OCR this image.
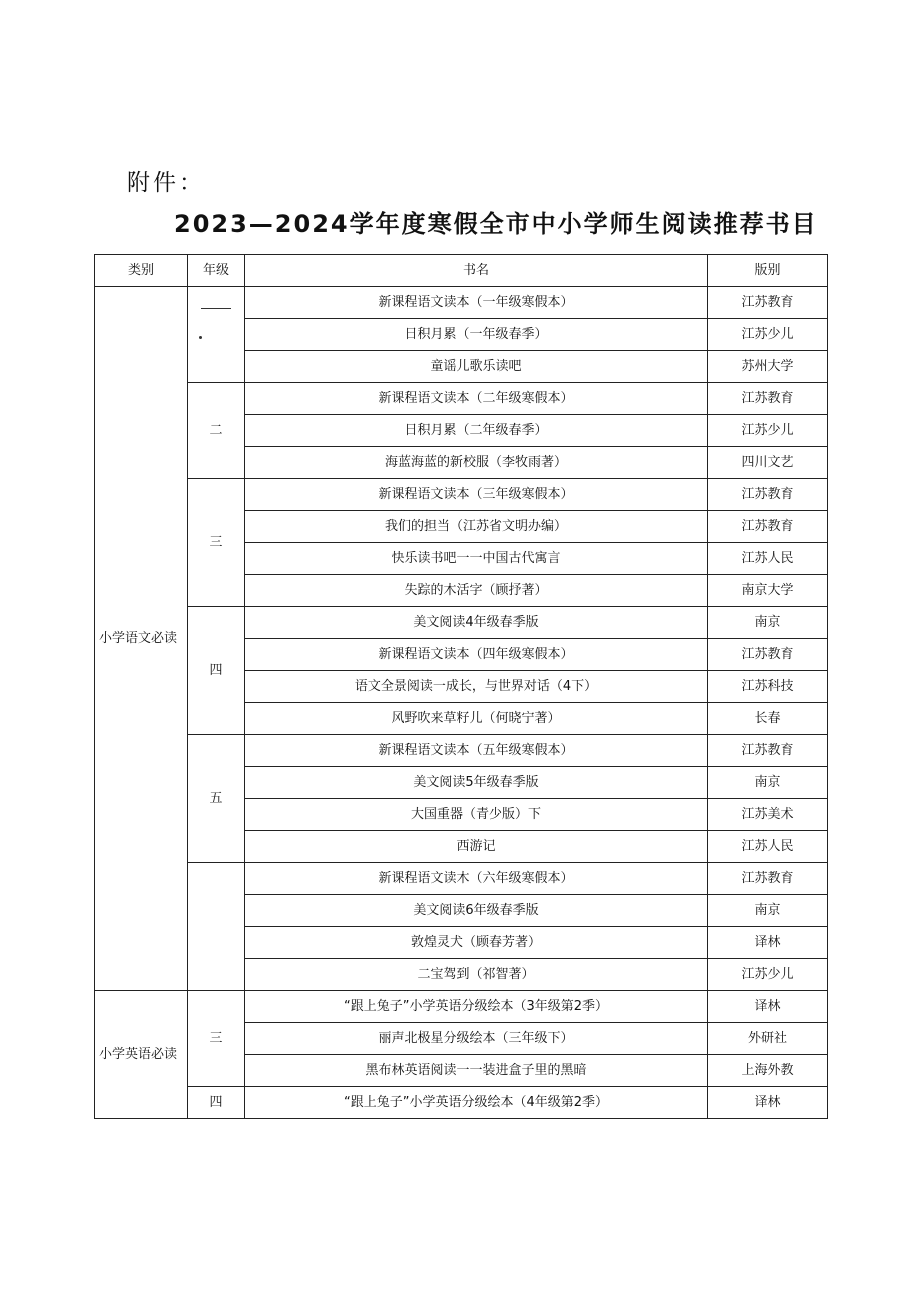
附件：
2023—2024学年度寒假全市中小学师生阅读推荐书目
类别	年级	书名	版别
小学语文必读		新课程语文读本（一年级寒假本）	江苏教育
		日积月累（一年级春季）	江苏少儿
		童谣儿歌乐读吧	苏州大学
	二	新课程语文读本（二年级寒假本）	江苏教育
		日积月累（二年级春季）	江苏少儿
		海蓝海蓝的新校服（李牧雨著）	四川文艺
	三	新课程语文读本（三年级寒假本）	江苏教育
		我们的担当（江苏省文明办编）	江苏教育
		快乐读书吧一一中国古代寓言	江苏人民
		失踪的木活字（顾抒著）	南京大学
	四	美文阅读4年级春季版	南京
		新课程语文读本（四年级寒假本）	江苏教育
		语文全景阅读一成长，与世界对话（4下）	江苏科技
		风野吹来草籽儿（何晓宁著）	长春
	五	新课程语文读本（五年级寒假本）	江苏教育
		美文阅读5年级春季版	南京
		大国重器（青少版）下	江苏美术
		西游记	江苏人民
		新课程语文读木（六年级寒假本）	江苏教育
		美文阅读6年级春季版	南京
		敦煌灵犬（顾春芳著）	译林
		二宝驾到（祁智著）	江苏少儿
小学英语必读	三	“跟上兔子”小学英语分级绘本（3年级第2季）	译林
		丽声北极星分级绘本（三年级下）	外研社
		黑布林英语阅读一一装进盒子里的黑暗	上海外教
	四	“跟上兔子”小学英语分级绘本（4年级第2季）	译林
